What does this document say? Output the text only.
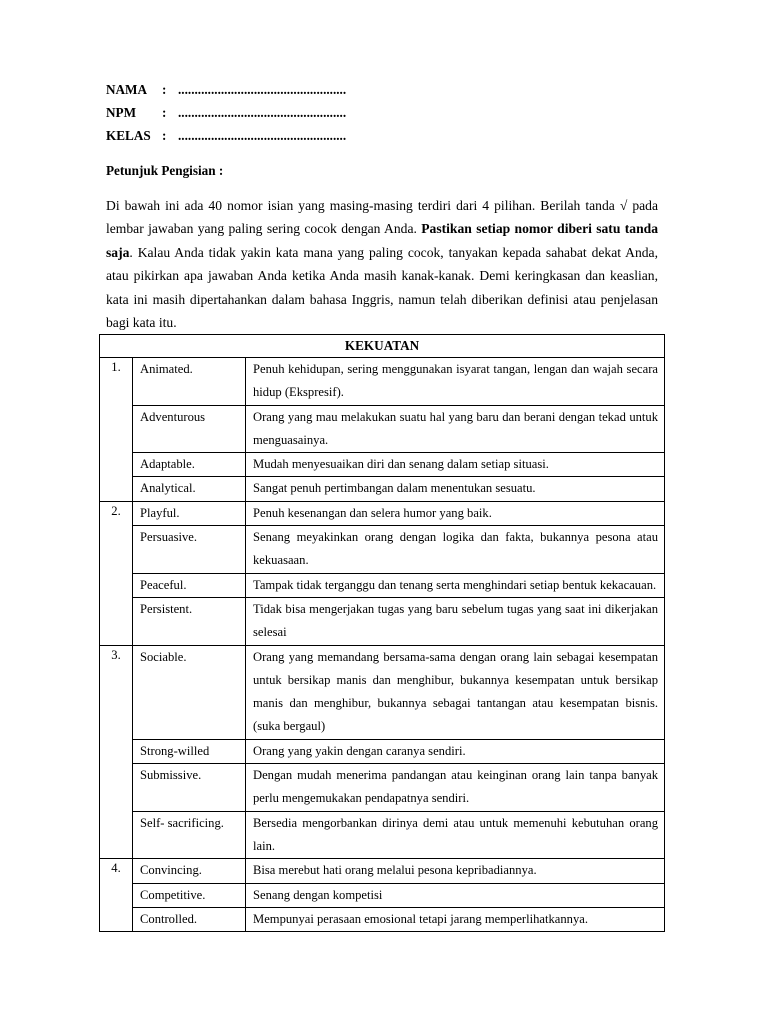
NAMA	: ...................................................
NPM	: ...................................................
KELAS : ...................................................
Petunjuk Pengisian :
Di bawah ini ada 40 nomor isian yang masing-masing terdiri dari 4 pilihan. Berilah tanda √ pada lembar jawaban yang paling sering cocok dengan Anda. Pastikan setiap nomor diberi satu tanda saja. Kalau Anda tidak yakin kata mana yang paling cocok, tanyakan kepada sahabat dekat Anda, atau pikirkan apa jawaban Anda ketika Anda masih kanak-kanak. Demi keringkasan dan keaslian, kata ini masih dipertahankan dalam bahasa Inggris, namun telah diberikan definisi atau penjelasan bagi kata itu.
KEKUATAN		
1.	Animated.	Penuh kehidupan, sering menggunakan isyarat tangan, lengan dan wajah secara hidup (Ekspresif).
	Adventurous	Orang yang mau melakukan suatu hal yang baru dan berani dengan tekad untuk menguasainya.
	Adaptable.	Mudah menyesuaikan diri dan senang dalam setiap situasi.
	Analytical.	Sangat penuh pertimbangan dalam menentukan sesuatu.
2.	Playful.	Penuh kesenangan dan selera humor yang baik.
	Persuasive.	Senang meyakinkan orang dengan logika dan fakta, bukannya pesona atau kekuasaan.
	Peaceful.	Tampak tidak terganggu dan tenang serta menghindari setiap bentuk kekacauan.
	Persistent.	Tidak bisa mengerjakan tugas yang baru sebelum tugas yang saat ini dikerjakan selesai
3.	Sociable.	Orang yang memandang bersama-sama dengan orang lain sebagai kesempatan untuk bersikap manis dan menghibur, bukannya kesempatan untuk bersikap manis dan menghibur, bukannya sebagai tantangan atau kesempatan bisnis. (suka bergaul)
	Strong-willed	Orang yang yakin dengan caranya sendiri.
	Submissive.	Dengan mudah menerima pandangan atau keinginan orang lain tanpa banyak perlu mengemukakan pendapatnya sendiri.
	Self- sacrificing.	Bersedia mengorbankan dirinya demi atau untuk memenuhi kebutuhan orang lain.
4.	Convincing.	Bisa merebut hati orang melalui pesona kepribadiannya.
	Competitive.	Senang dengan kompetisi
	Controlled.	Mempunyai perasaan emosional tetapi jarang memperlihatkannya.
